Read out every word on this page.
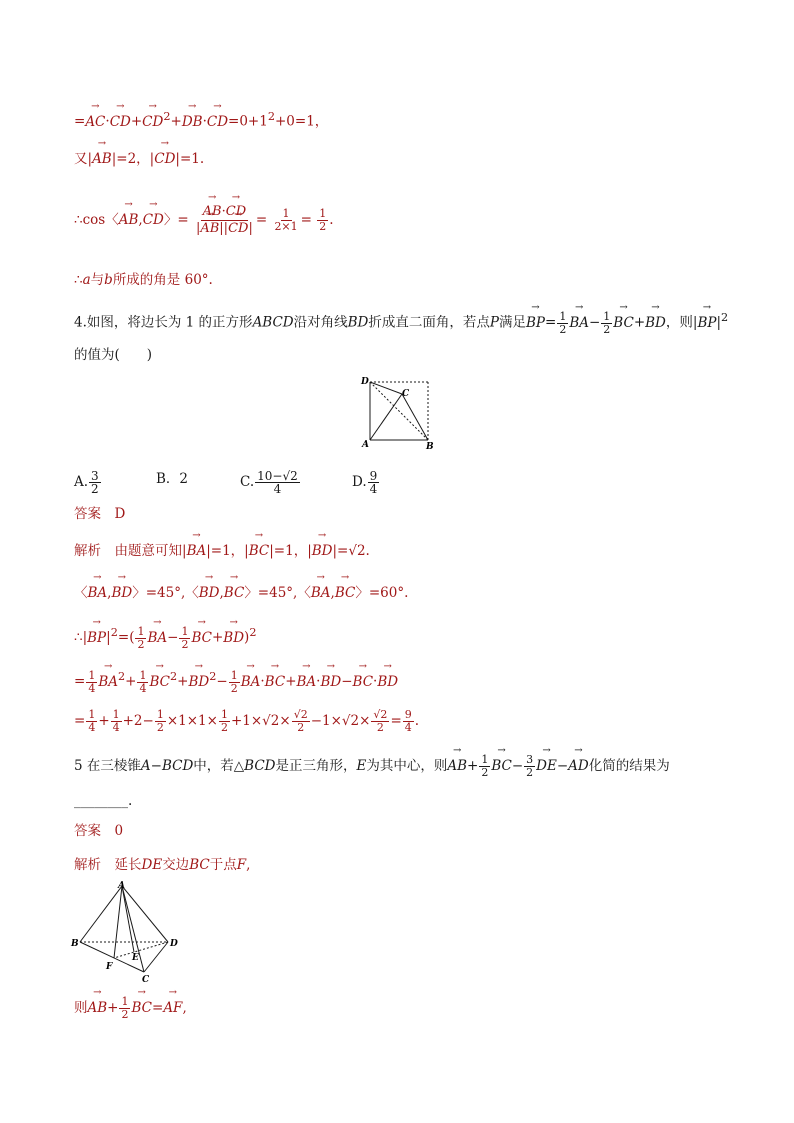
=→ $AC\cdot\to CD+\to CD^2+\to DB\cdot\to CD=0+1^2+0=1$，
又|→ AB|=2，|→ CD|=1.
∴cos〈→ AB,→ CD〉=
→ $\frac{AB\cdot\to CD}{|\to AB||\to CD|} = \frac{1}{2\times 1} = \frac{1}{2}$ .
∴a与b所成的角是 60°.
4.如图，将边长为 1 的正方形ABCD沿对角线BD折成直二面角，若点P满足→ $BP= \frac{1}{2}$
→ $BA- \frac{1}{2}$
→ BC+→ BD，则|→ $BP|^2$
的值为(　　)
D
C
A	B
A. $\frac{3}{2}$	B．2	C. $\frac{10-√2}{4}$	D. $\frac{9}{4}$
答案　D
解析　由题意可知|→ BA|=1，|→ BC|=1，|→ BD|=√2.
〈→ BA,→ BD〉=45°,〈→ BD,→ BC〉=45°,〈→ BA,→ BC〉=60°.
∴|→ $BP|^2=( \frac{1}{2}$
→ $BA- \frac{1}{2}$
→ BC+→ BD)$^2$
= $\frac{1}{4}$
→ $BA^2+ \frac{1}{4}$
→ $BC^2+\to BD^2- \frac{1}{2}$
→ BA·→ BC+→ BA·→ BD−→ BC·→ BD
= $\frac{1}{4} + \frac{1}{4} +2- \frac{1}{2} \times 1\times 1\times \frac{1}{2} +1\times√2\times \frac{√2}{2} -1\times√2\times \frac{√2}{2} = \frac{9}{4}$ .
5 在三棱锥A−BCD中，若△BCD是正三角形，E为其中心，则→ $AB+ \frac{1}{2}$
→ $BC- \frac{3}{2}$
→ DE−→ AD化简的结果为
________.
答案　0
解析　延长DE交边BC于点F,
A
B	D
F
E
C
则→ $AB+ \frac{1}{2}$
→ BC=→ AF,
